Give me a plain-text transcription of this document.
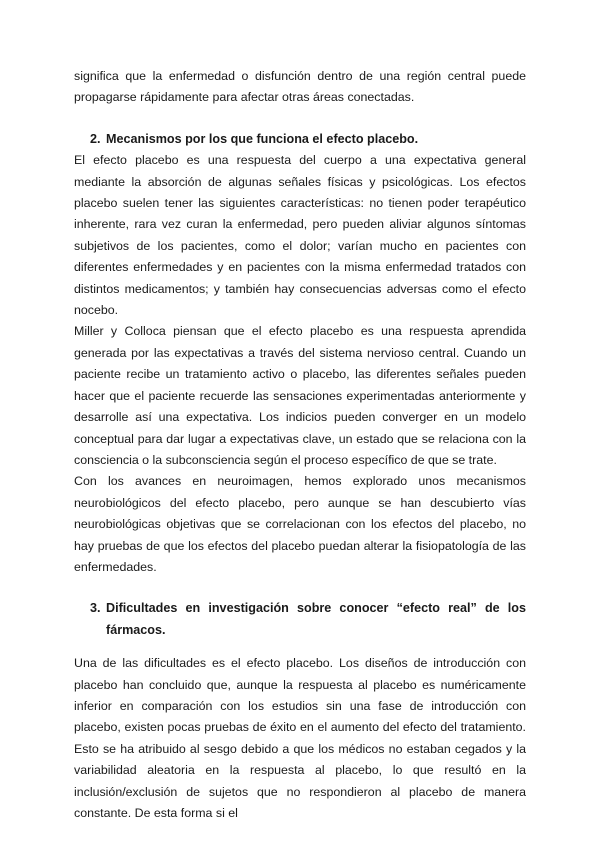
significa que la enfermedad o disfunción dentro de una región central puede propagarse rápidamente para afectar otras áreas conectadas.

2. Mecanismos por los que funciona el efecto placebo.

El efecto placebo es una respuesta del cuerpo a una expectativa general mediante la absorción de algunas señales físicas y psicológicas. Los efectos placebo suelen tener las siguientes características: no tienen poder terapéutico inherente, rara vez curan la enfermedad, pero pueden aliviar algunos síntomas subjetivos de los pacientes, como el dolor; varían mucho en pacientes con diferentes enfermedades y en pacientes con la misma enfermedad tratados con distintos medicamentos; y también hay consecuencias adversas como el efecto nocebo.

Miller y Colloca piensan que el efecto placebo es una respuesta aprendida generada por las expectativas a través del sistema nervioso central. Cuando un paciente recibe un tratamiento activo o placebo, las diferentes señales pueden hacer que el paciente recuerde las sensaciones experimentadas anteriormente y desarrolle así una expectativa. Los indicios pueden converger en un modelo conceptual para dar lugar a expectativas clave, un estado que se relaciona con la consciencia o la subconsciencia según el proceso específico de que se trate.

Con los avances en neuroimagen, hemos explorado unos mecanismos neurobiológicos del efecto placebo, pero aunque se han descubierto vías neurobiológicas objetivas que se correlacionan con los efectos del placebo, no hay pruebas de que los efectos del placebo puedan alterar la fisiopatología de las enfermedades.

3. Dificultades en investigación sobre conocer “efecto real” de los fármacos.

Una de las dificultades es el efecto placebo. Los diseños de introducción con placebo han concluido que, aunque la respuesta al placebo es numéricamente inferior en comparación con los estudios sin una fase de introducción con placebo, existen pocas pruebas de éxito en el aumento del efecto del tratamiento. Esto se ha atribuido al sesgo debido a que los médicos no estaban cegados y la variabilidad aleatoria en la respuesta al placebo, lo que resultó en la inclusión/exclusión de sujetos que no respondieron al placebo de manera constante. De esta forma si el
